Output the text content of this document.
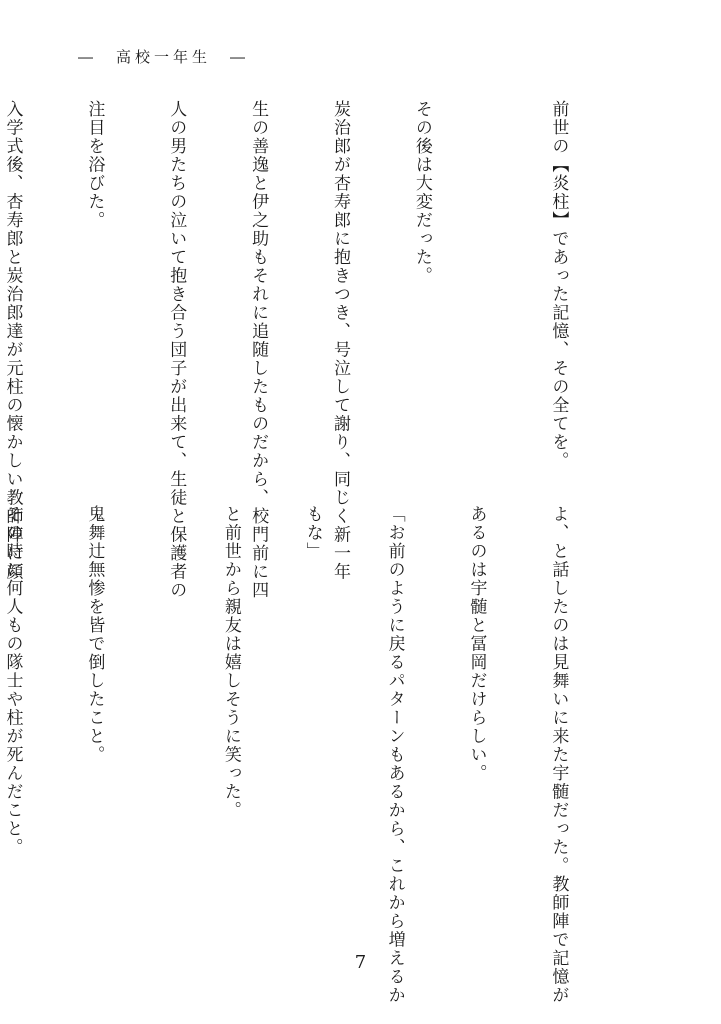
―　高校一年生　―

前世の【炎柱】であった記憶、その全てを。

その後は大変だった。

炭治郎が杏寿郎に抱きつき、号泣して謝り、同じく新一年

生の善逸と伊之助もそれに追随したものだから、校門前に四

人の男たちの泣いて抱き合う団子が出来て、生徒と保護者の

注目を浴びた。

入学式後、杏寿郎と炭治郎達が元柱の懐かしい教師陣に顔

よ、と話したのは見舞いに来た宇髄だった。教師陣で記憶が

あるのは宇髄と冨岡だけらしい。

「お前のように戻るパターンもあるから、これから増えるか

もな」

と前世から親友は嬉しそうに笑った。

鬼舞辻無惨を皆で倒したこと。

その時に何人もの隊士や柱が死んだこと。

7
